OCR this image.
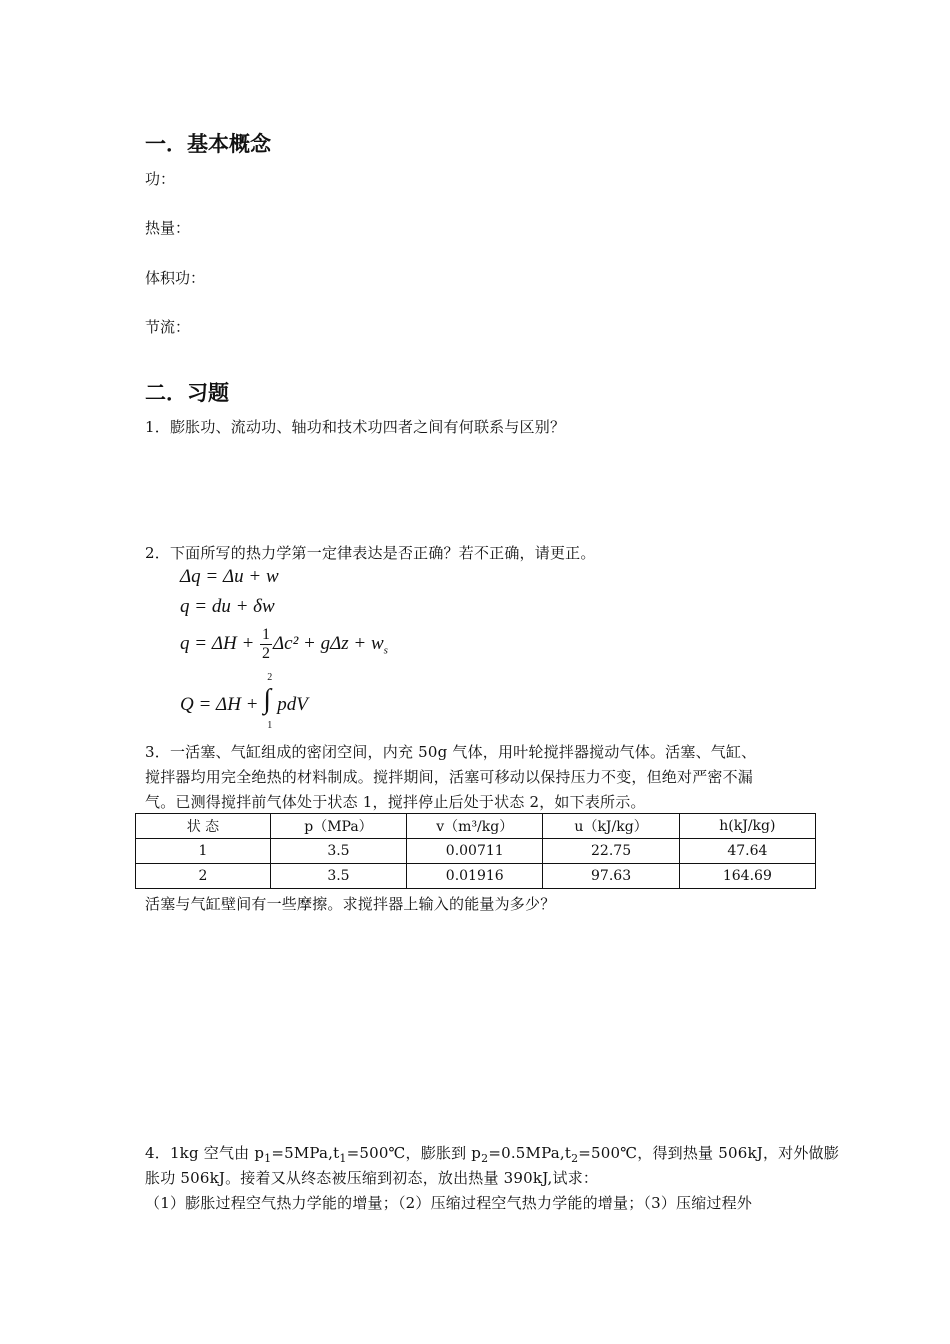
一．基本概念
功：
热量：
体积功：
节流：
二．习题
1．膨胀功、流动功、轴功和技术功四者之间有何联系与区别？
2．下面所写的热力学第一定律表达是否正确？若不正确，请更正。
Δq = Δu + w
q = du + δw
$q = \Delta H + \frac{1}{2} \Delta c^2 + g\Delta z + w_s$
Q = ΔH + ∫
2
1
pdV
3．一活塞、气缸组成的密闭空间，内充 50g 气体，用叶轮搅拌器搅动气体。活塞、气缸、
搅拌器均用完全绝热的材料制成。搅拌期间，活塞可移动以保持压力不变，但绝对严密不漏
气。已测得搅拌前气体处于状态 1，搅拌停止后处于状态 2，如下表所示。
状 态	p（MPa）	v（m³/kg）	u（kJ/kg）	h(kJ/kg)
1	3.5	0.00711	22.75	47.64
2	3.5	0.01916	97.63	164.69
活塞与气缸壁间有一些摩擦。求搅拌器上输入的能量为多少？
4．1kg 空气由 $p_1=5MPa,t_1=500℃$，膨胀到 $p_2=0.5MPa,t_2=500℃$，得到热量 506kJ，对外做膨
胀功 506kJ。接着又从终态被压缩到初态，放出热量 390kJ,试求：
（1）膨胀过程空气热力学能的增量；（2）压缩过程空气热力学能的增量；（3）压缩过程外
